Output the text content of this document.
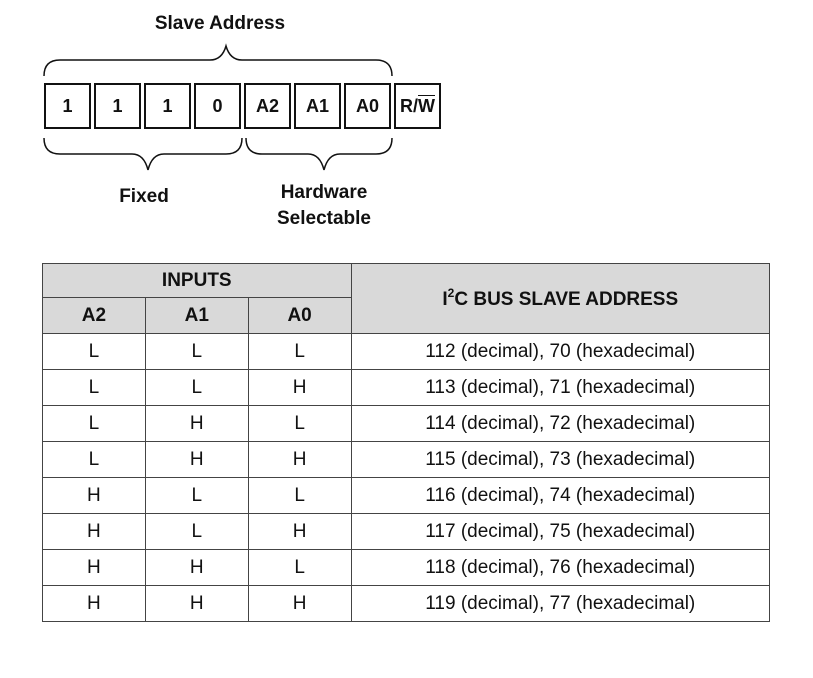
Slave Address
1	1	1	0	A2	A1	A0	R/ $\overline{W}$
Fixed	Hardware
Selectable
INPUTS			$I^2C$ BUS SLAVE ADDRESS
A2	A1	A0	
L	L	L	112 (decimal), 70 (hexadecimal)
L	L	H	113 (decimal), 71 (hexadecimal)
L	H	L	114 (decimal), 72 (hexadecimal)
L	H	H	115 (decimal), 73 (hexadecimal)
H	L	L	116 (decimal), 74 (hexadecimal)
H	L	H	117 (decimal), 75 (hexadecimal)
H	H	L	118 (decimal), 76 (hexadecimal)
H	H	H	119 (decimal), 77 (hexadecimal)
